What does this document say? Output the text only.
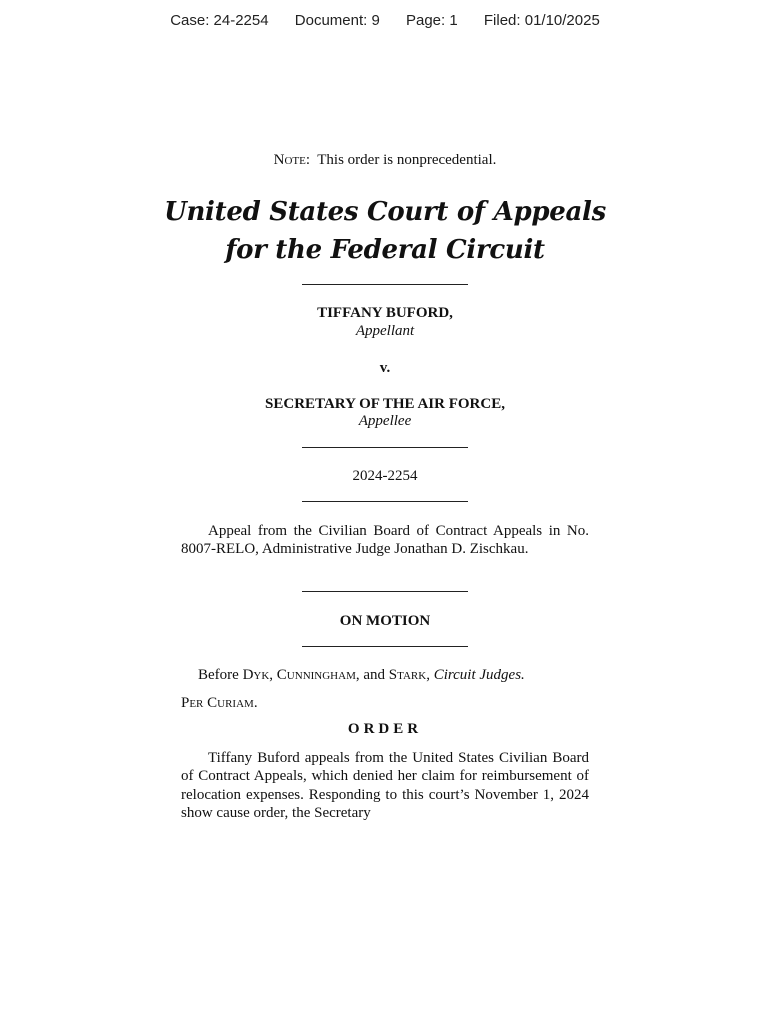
Case: 24-2254 Document: 9 Page: 1 Filed: 01/10/2025
Note: This order is nonprecedential.
United States Court of Appeals
for the Federal Circuit
TIFFANY BUFORD,
Appellant
v.
SECRETARY OF THE AIR FORCE,
Appellee
2024-2254

Appeal from the Civilian Board of Contract Appeals in No. 8007-RELO, Administrative Judge Jonathan D. Zischkau.

ON MOTION
Before Dyk, Cunningham, and Stark, Circuit Judges.
Per Curiam.
ORDER

Tiffany Buford appeals from the United States Civilian Board of Contract Appeals, which denied her claim for reimbursement of relocation expenses. Responding to this court’s November 1, 2024 show cause order, the Secretary
